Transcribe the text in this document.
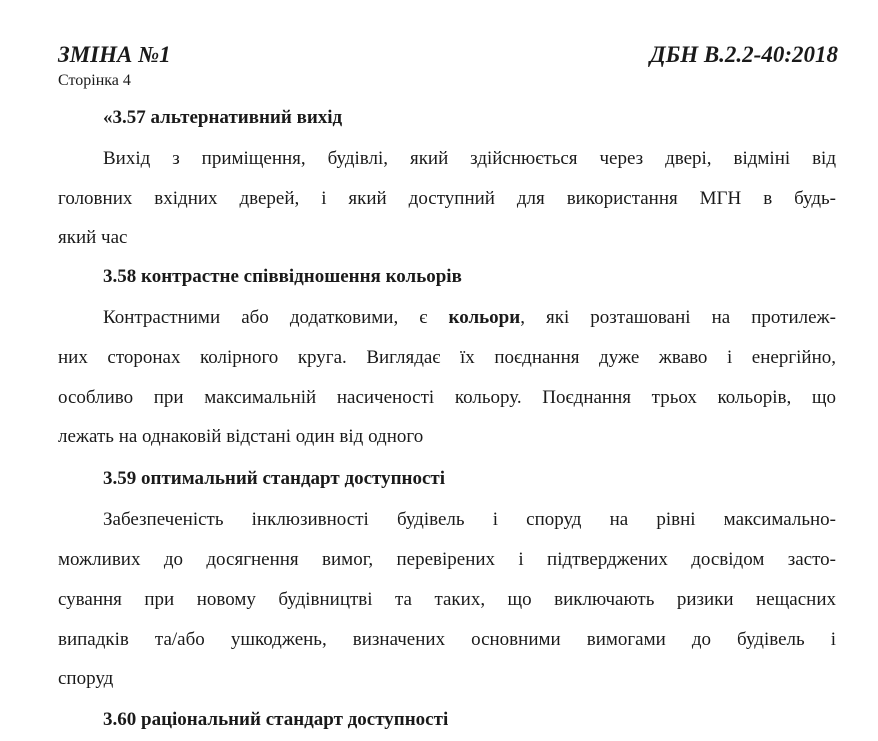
ЗМІНА №1	ДБН В.2.2-40:2018
Сторінка 4
«3.57 альтернативний вихід
Вихід з приміщення, будівлі, який здійснюється через двері, відміні від
головних вхідних дверей, і який доступний для використання МГН в будь-
який час
3.58 контрастне співвідношення кольорів
Контрастними або додатковими, є кольори, які розташовані на протилеж-
них сторонах колірного круга. Виглядає їх поєднання дуже жваво і енергійно,
особливо при максимальній насиченості кольору. Поєднання трьох кольорів, що
лежать на однаковій відстані один від одного
3.59 оптимальний стандарт доступності
Забезпеченість інклюзивності будівель і споруд на рівні максимально-
можливих до досягнення вимог, перевірених і підтверджених досвідом засто-
сування при новому будівництві та таких, що виключають ризики нещасних
випадків та/або ушкоджень, визначених основними вимогами до будівель і
споруд
3.60 раціональний стандарт доступності
